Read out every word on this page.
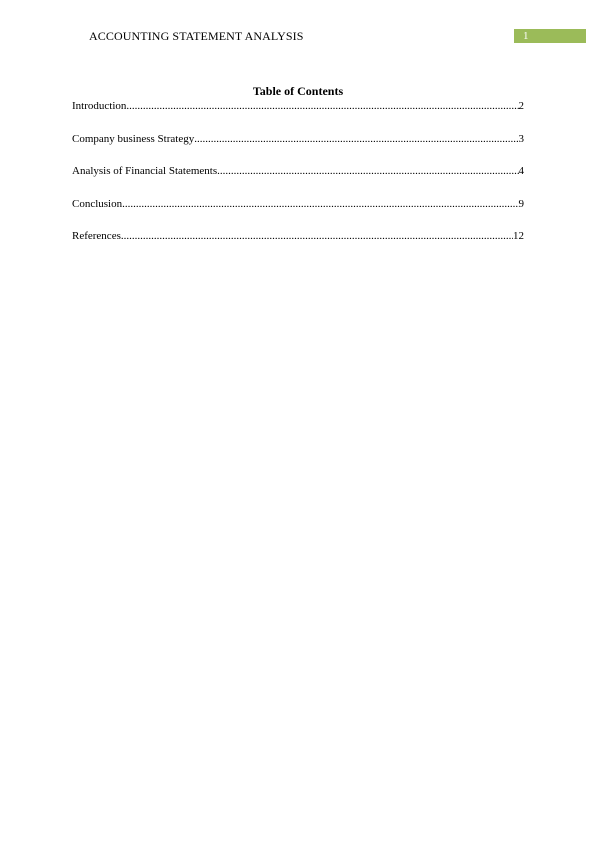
ACCOUNTING STATEMENT ANALYSIS	1
Table of Contents
Introduction .....	2
Company business Strategy .....	3
Analysis of Financial Statements .....	4
Conclusion .....	9
References .....	12
